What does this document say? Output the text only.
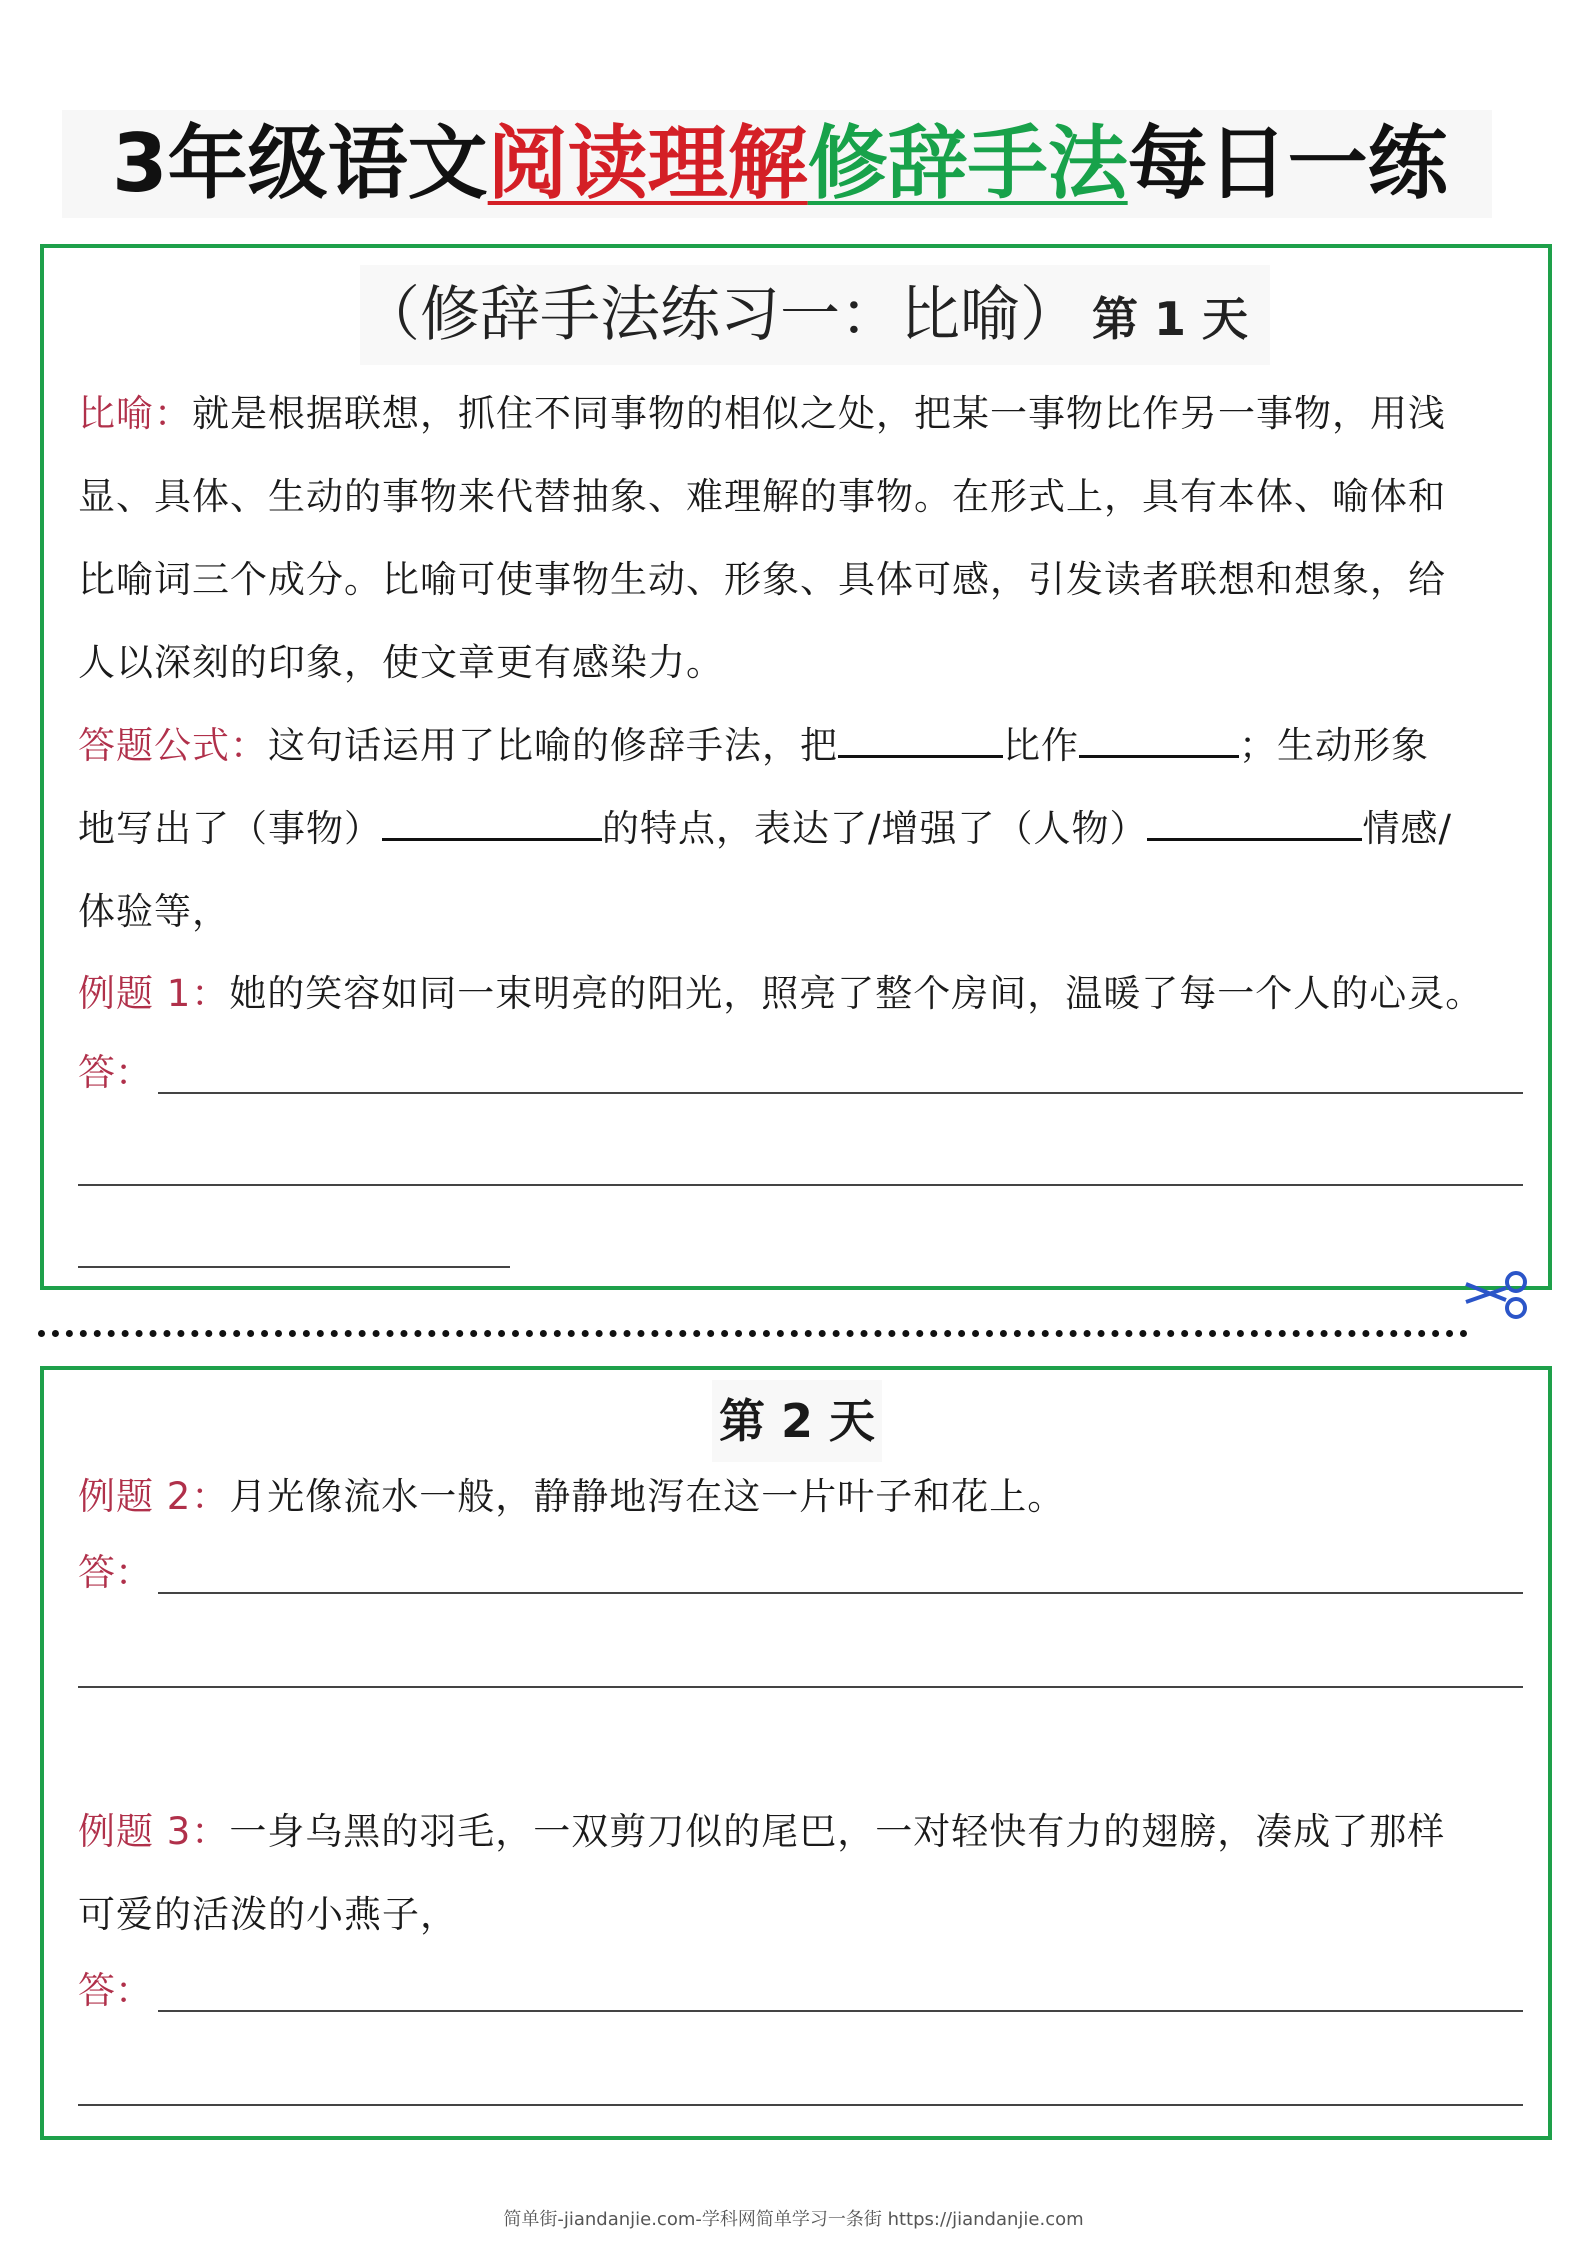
3年级语文阅读理解修辞手法每日一练
（修辞手法练习一：比喻） 第 1 天
比喻：就是根据联想，抓住不同事物的相似之处，把某一事物比作另一事物，用浅
显、具体、生动的事物来代替抽象、难理解的事物。在形式上，具有本体、喻体和
比喻词三个成分。比喻可使事物生动、形象、具体可感，引发读者联想和想象，给
人以深刻的印象，使文章更有感染力。
答题公式：这句话运用了比喻的修辞手法，把	比作	；生动形象
地写出了（事物）	的特点，表达了/增强了（人物）	情感/
体验等，
例题 1：她的笑容如同一束明亮的阳光，照亮了整个房间，温暖了每一个人的心灵。
答：
第 2 天
例题 2：月光像流水一般，静静地泻在这一片叶子和花上。
答：
例题 3：一身乌黑的羽毛，一双剪刀似的尾巴，一对轻快有力的翅膀，凑成了那样
可爱的活泼的小燕子，
答：
简单街-jiandanjie.com-学科网简单学习一条街 https://jiandanjie.com
